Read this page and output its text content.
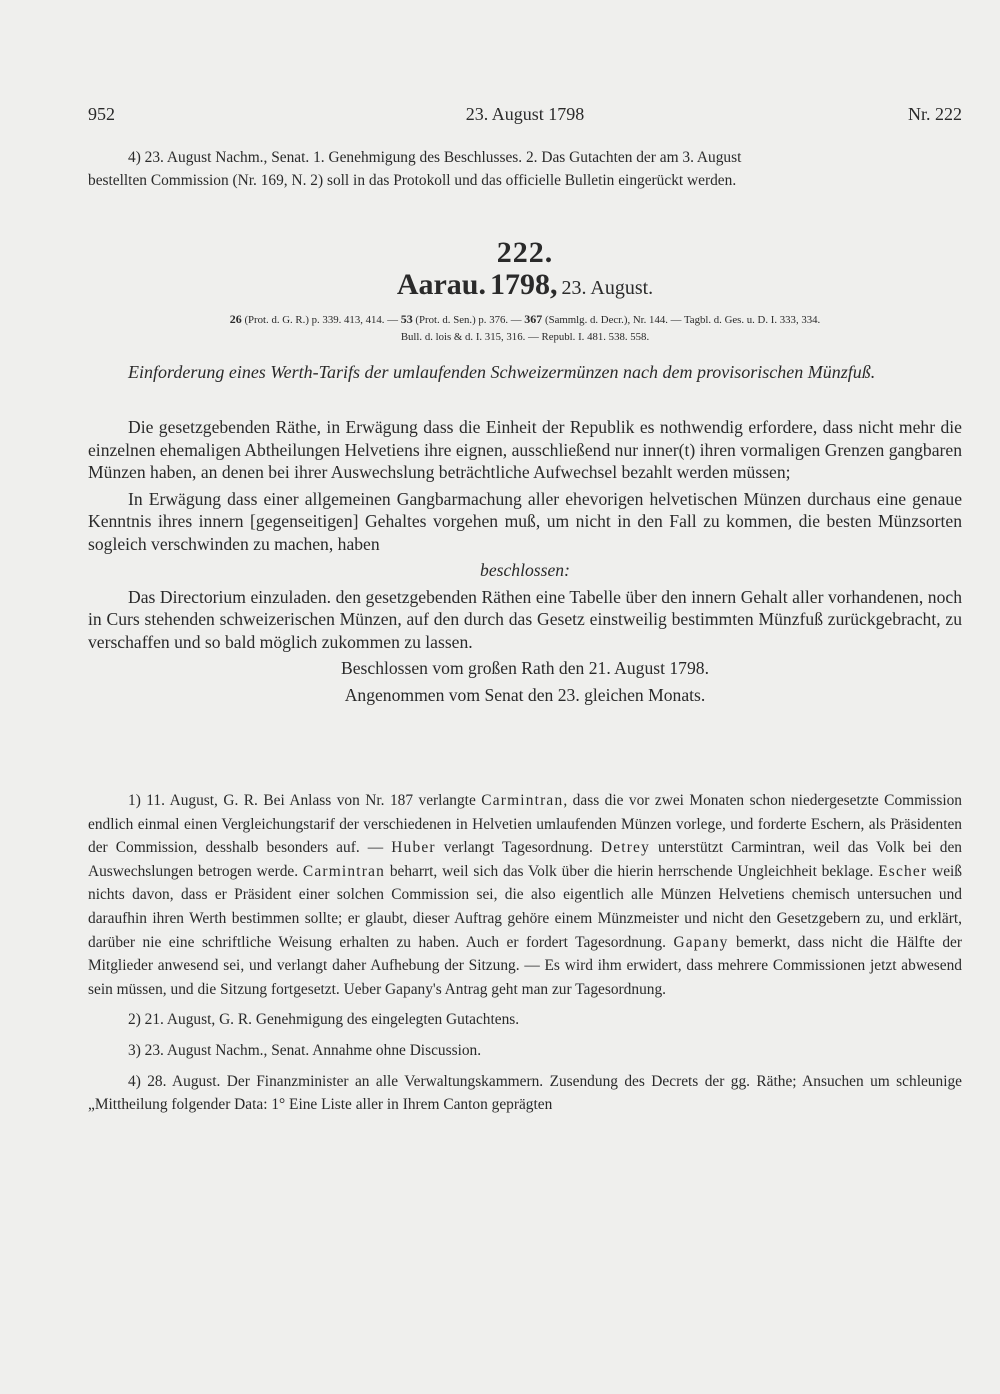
952	23. August 1798	Nr. 222
4) 23. August Nachm., Senat. 1. Genehmigung des Beschlusses. 2. Das Gutachten der am 3. August
bestellten Commission (Nr. 169, N. 2) soll in das Protokoll und das officielle Bulletin eingerückt werden.
222.
Aarau. 1798, 23. August.
26 (Prot. d. G. R.) p. 339. 413, 414. — 53 (Prot. d. Sen.) p. 376. — 367 (Sammlg. d. Decr.), Nr. 144. — Tagbl. d. Ges. u. D. I. 333, 334.
Bull. d. lois & d. I. 315, 316. — Republ. I. 481. 538. 558.
Einforderung eines Werth-Tarifs der umlaufenden Schweizermünzen nach dem provisorischen Münzfuß.

Die gesetzgebenden Räthe, in Erwägung dass die Einheit der Republik es nothwendig erfordere, dass nicht mehr die einzelnen ehemaligen Abtheilungen Helvetiens ihre eignen, ausschließend nur inner(t) ihren vormaligen Grenzen gangbaren Münzen haben, an denen bei ihrer Auswechslung beträchtliche Aufwechsel bezahlt werden müssen;

In Erwägung dass einer allgemeinen Gangbarmachung aller ehevorigen helvetischen Münzen durchaus eine genaue Kenntnis ihres innern [gegenseitigen] Gehaltes vorgehen muß, um nicht in den Fall zu kommen, die besten Münzsorten sogleich verschwinden zu machen, haben

beschlossen:

Das Directorium einzuladen. den gesetzgebenden Räthen eine Tabelle über den innern Gehalt aller vorhandenen, noch in Curs stehenden schweizerischen Münzen, auf den durch das Gesetz einstweilig bestimmten Münzfuß zurückgebracht, zu verschaffen und so bald möglich zukommen zu lassen.

Beschlossen vom großen Rath den 21. August 1798.

Angenommen vom Senat den 23. gleichen Monats.

1) 11. August, G. R. Bei Anlass von Nr. 187 verlangte Carmintran, dass die vor zwei Monaten schon niedergesetzte Commission endlich einmal einen Vergleichungstarif der verschiedenen in Helvetien umlaufenden Münzen vorlege, und forderte Eschern, als Präsidenten der Commission, desshalb besonders auf. — Huber verlangt Tagesordnung. Detrey unterstützt Carmintran, weil das Volk bei den Auswechslungen betrogen werde. Carmintran beharrt, weil sich das Volk über die hierin herrschende Ungleichheit beklage. Escher weiß nichts davon, dass er Präsident einer solchen Commission sei, die also eigentlich alle Münzen Helvetiens chemisch untersuchen und daraufhin ihren Werth bestimmen sollte; er glaubt, dieser Auftrag gehöre einem Münzmeister und nicht den Gesetzgebern zu, und erklärt, darüber nie eine schriftliche Weisung erhalten zu haben. Auch er fordert Tagesordnung. Gapany bemerkt, dass nicht die Hälfte der Mitglieder anwesend sei, und verlangt daher Aufhebung der Sitzung. — Es wird ihm erwidert, dass mehrere Commissionen jetzt abwesend sein müssen, und die Sitzung fortgesetzt. Ueber Gapany's Antrag geht man zur Tagesordnung.

2) 21. August, G. R. Genehmigung des eingelegten Gutachtens.

3) 23. August Nachm., Senat. Annahme ohne Discussion.

4) 28. August. Der Finanzminister an alle Verwaltungskammern. Zusendung des Decrets der gg. Räthe; Ansuchen um schleunige „Mittheilung folgender Data: 1° Eine Liste aller in Ihrem Canton geprägten
